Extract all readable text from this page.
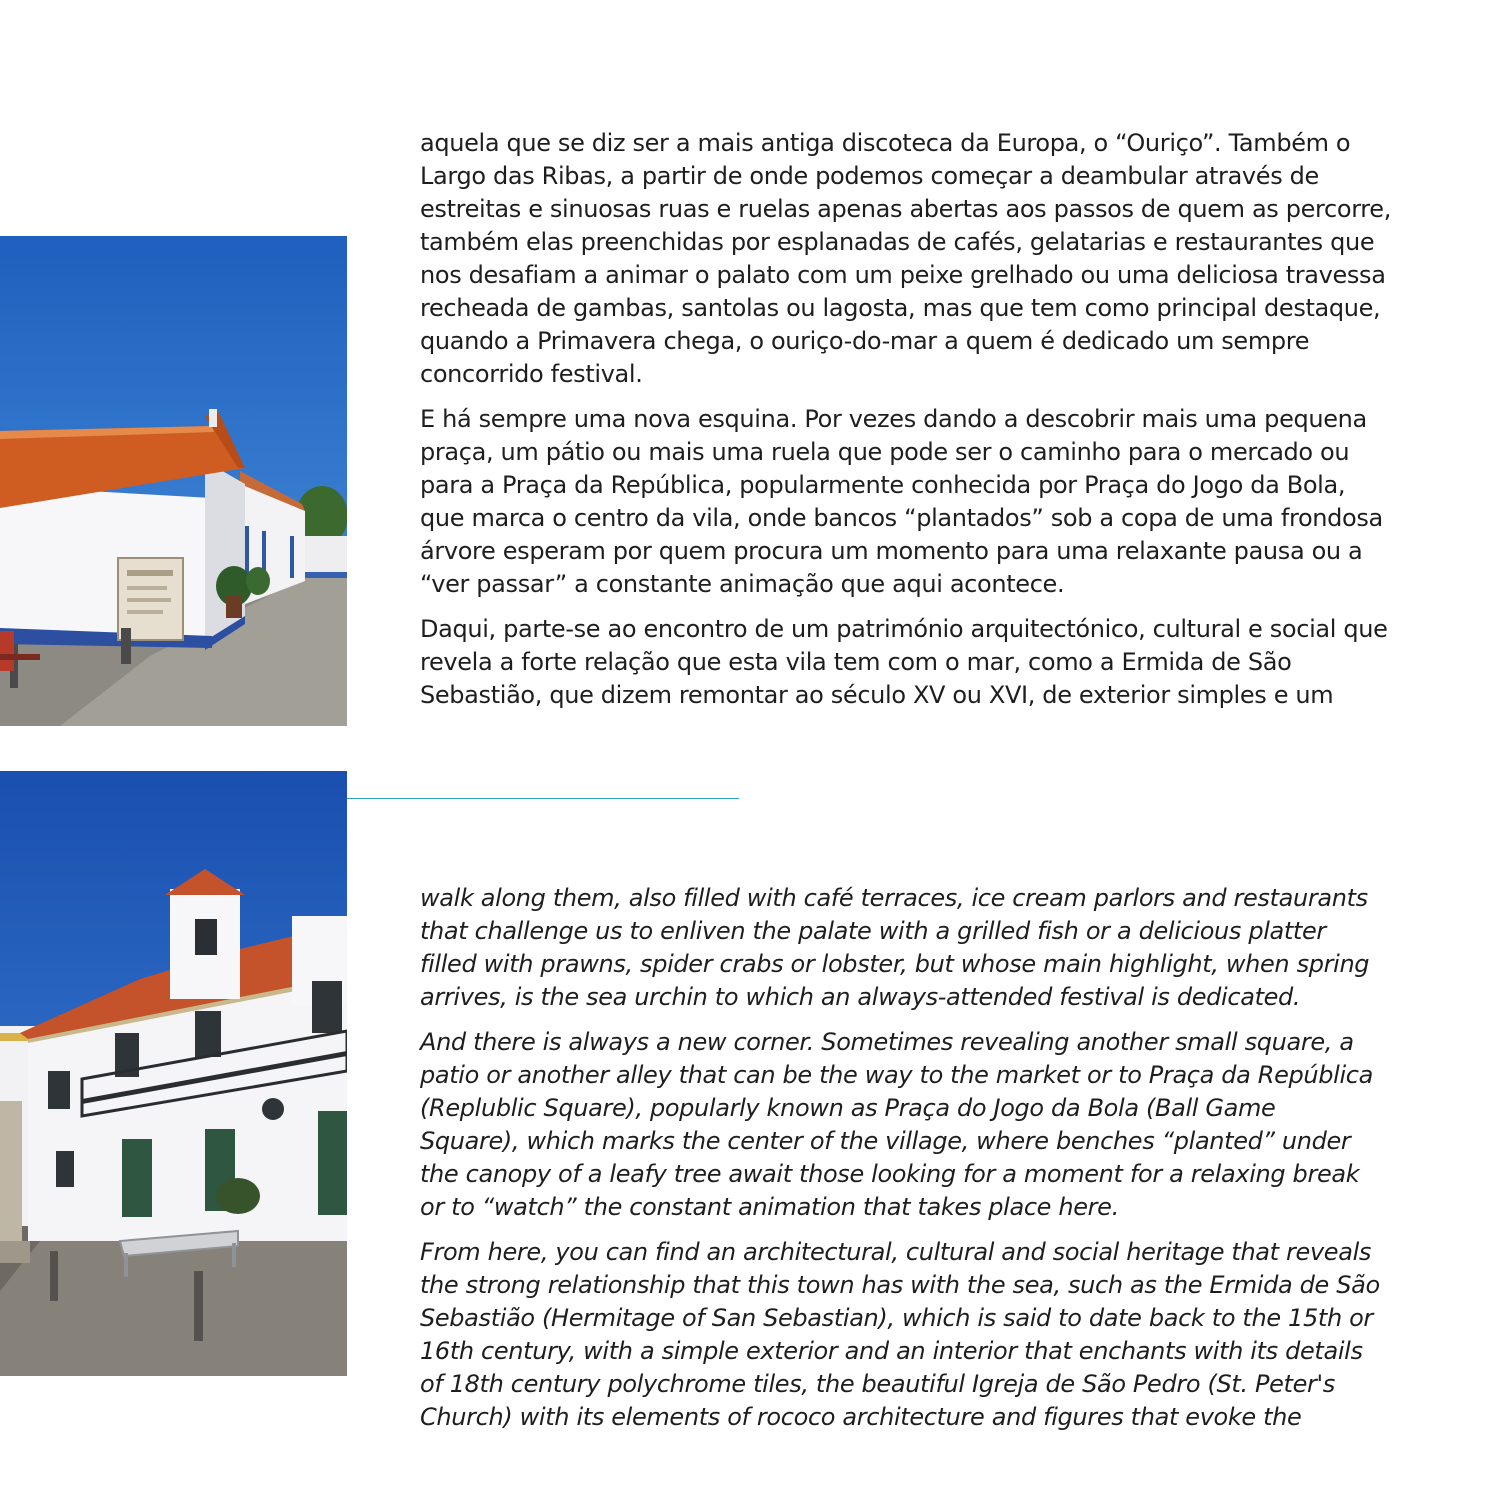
aquela que se diz ser a mais antiga discoteca da Europa, o “Ouriço”. Também o
Largo das Ribas, a partir de onde podemos começar a deambular através de
estreitas e sinuosas ruas e ruelas apenas abertas aos passos de quem as percorre,
também elas preenchidas por esplanadas de cafés, gelatarias e restaurantes que
nos desafiam a animar o palato com um peixe grelhado ou uma deliciosa travessa
recheada de gambas, santolas ou lagosta, mas que tem como principal destaque,
quando a Primavera chega, o ouriço-do-mar a quem é dedicado um sempre
concorrido festival.

E há sempre uma nova esquina. Por vezes dando a descobrir mais uma pequena
praça, um pátio ou mais uma ruela que pode ser o caminho para o mercado ou
para a Praça da República, popularmente conhecida por Praça do Jogo da Bola,
que marca o centro da vila, onde bancos “plantados” sob a copa de uma frondosa
árvore esperam por quem procura um momento para uma relaxante pausa ou a
“ver passar” a constante animação que aqui acontece.

Daqui, parte-se ao encontro de um património arquitectónico, cultural e social que
revela a forte relação que esta vila tem com o mar, como a Ermida de São
Sebastião, que dizem remontar ao século XV ou XVI, de exterior simples e um

walk along them, also filled with café terraces, ice cream parlors and restaurants
that challenge us to enliven the palate with a grilled fish or a delicious platter
filled with prawns, spider crabs or lobster, but whose main highlight, when spring
arrives, is the sea urchin to which an always-attended festival is dedicated.

And there is always a new corner. Sometimes revealing another small square, a
patio or another alley that can be the way to the market or to Praça da República
(Replublic Square), popularly known as Praça do Jogo da Bola (Ball Game
Square), which marks the center of the village, where benches “planted” under
the canopy of a leafy tree await those looking for a moment for a relaxing break
or to “watch” the constant animation that takes place here.

From here, you can find an architectural, cultural and social heritage that reveals
the strong relationship that this town has with the sea, such as the Ermida de São
Sebastião (Hermitage of San Sebastian), which is said to date back to the 15th or
16th century, with a simple exterior and an interior that enchants with its details
of 18th century polychrome tiles, the beautiful Igreja de São Pedro (St. Peter's
Church) with its elements of rococo architecture and figures that evoke the
